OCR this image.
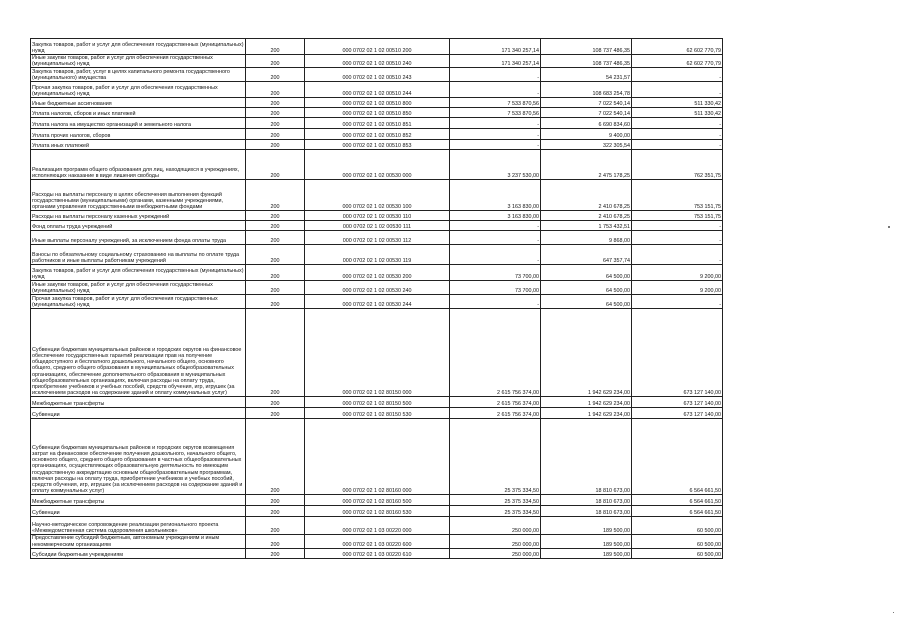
Закупка товаров, работ и услуг для обеспечения государственных (муниципальных) нужд	200	000 0702 02 1 02 00510 200	171 340 257,14	108 737 486,35	62 602 770,79
Иные закупки товаров, работ и услуг для обеспечения государственных (муниципальных) нужд	200	000 0702 02 1 02 00510 240	171 340 257,14	108 737 486,35	62 602 770,79
Закупка товаров, работ, услуг в целях капитального ремонта государственного (муниципального) имущества	200	000 0702 02 1 02 00510 243	-	54 231,57	-
Прочая закупка товаров, работ и услуг для обеспечения государственных (муниципальных) нужд	200	000 0702 02 1 02 00510 244	-	108 683 254,78	-
Иные бюджетные ассигнования	200	000 0702 02 1 02 00510 800	7 533 870,56	7 022 540,14	511 330,42
Уплата налогов, сборов и иных платежей	200	000 0702 02 1 02 00510 850	7 533 870,56	7 022 540,14	511 330,42
Уплата налога на имущество организаций и земельного налога	200	000 0702 02 1 02 00510 851	-	6 690 834,60	-
Уплата прочих налогов, сборов	200	000 0702 02 1 02 00510 852	-	9 400,00	-
Уплата иных платежей	200	000 0702 02 1 02 00510 853	-	322 305,54	-
Реализация программ общего образования для лиц, находящихся в учреждениях, исполняющих наказание в виде лишения свободы	200	000 0702 02 1 02 00530 000	3 237 530,00	2 475 178,25	762 351,75
Расходы на выплаты персоналу в целях обеспечения выполнения функций государственными (муниципальными) органами, казенными учреждениями, органами управления государственными внебюджетными фондами	200	000 0702 02 1 02 00530 100	3 163 830,00	2 410 678,25	753 151,75
Расходы на выплаты персоналу казенных учреждений	200	000 0702 02 1 02 00530 110	3 163 830,00	2 410 678,25	753 151,75
Фонд оплаты труда учреждений	200	000 0702 02 1 02 00530 111	-	1 753 432,51	-
Иные выплаты персоналу учреждений, за исключением фонда оплаты труда	200	000 0702 02 1 02 00530 112	-	9 868,00	-
Взносы по обязательному социальному страхованию на выплаты по оплате труда работников и иные выплаты работникам учреждений	200	000 0702 02 1 02 00530 119	-	647 357,74	-
Закупка товаров, работ и услуг для обеспечения государственных (муниципальных) нужд	200	000 0702 02 1 02 00530 200	73 700,00	64 500,00	9 200,00
Иные закупки товаров, работ и услуг для обеспечения государственных (муниципальных) нужд	200	000 0702 02 1 02 00530 240	73 700,00	64 500,00	9 200,00
Прочая закупка товаров, работ и услуг для обеспечения государственных (муниципальных) нужд	200	000 0702 02 1 02 00530 244	-	64 500,00	-
Субвенции бюджетам муниципальных районов и городских округов на финансовое обеспечение государственных гарантий реализации прав на получение общедоступного и бесплатного дошкольного, начального общего, основного общего, среднего общего образования в муниципальных общеобразовательных организациях, обеспечение дополнительного образования в муниципальных общеобразовательных организациях, включая расходы на оплату труда, приобретение учебников и учебных пособий, средств обучения, игр, игрушек (за исключением расходов на содержание зданий и оплату коммунальных услуг)	200	000 0702 02 1 02 80150 000	2 615 756 374,00	1 942 629 234,00	673 127 140,00
Межбюджетные трансферты	200	000 0702 02 1 02 80150 500	2 615 756 374,00	1 942 629 234,00	673 127 140,00
Субвенции	200	000 0702 02 1 02 80150 530	2 615 756 374,00	1 942 629 234,00	673 127 140,00
Субвенции бюджетам муниципальных районов и городских округов возмещения затрат на финансовое обеспечение получения дошкольного, начального общего, основного общего, среднего общего образования в частных общеобразовательных организациях, осуществляющих образовательную деятельность по имеющим государственную аккредитацию основным общеобразовательным программам, включая расходы на оплату труда, приобретение учебников и учебных пособий, средств обучения, игр, игрушек (за исключением расходов на содержание зданий и оплату коммунальных услуг)	200	000 0702 02 1 02 80160 000	25 375 334,50	18 810 673,00	6 564 661,50
Межбюджетные трансферты	200	000 0702 02 1 02 80160 500	25 375 334,50	18 810 673,00	6 564 661,50
Субвенции	200	000 0702 02 1 02 80160 530	25 375 334,50	18 810 673,00	6 564 661,50
Научно-методическое сопровождение реализации регионального проекта «Межведомственная система оздоровления школьников»	200	000 0702 02 1 03 00220 000	250 000,00	189 500,00	60 500,00
Предоставление субсидий бюджетным, автономным учреждениям и иным некоммерческим организациям	200	000 0702 02 1 03 00220 600	250 000,00	189 500,00	60 500,00
Субсидии бюджетным учреждениям	200	000 0702 02 1 03 00220 610	250 000,00	189 500,00	60 500,00
